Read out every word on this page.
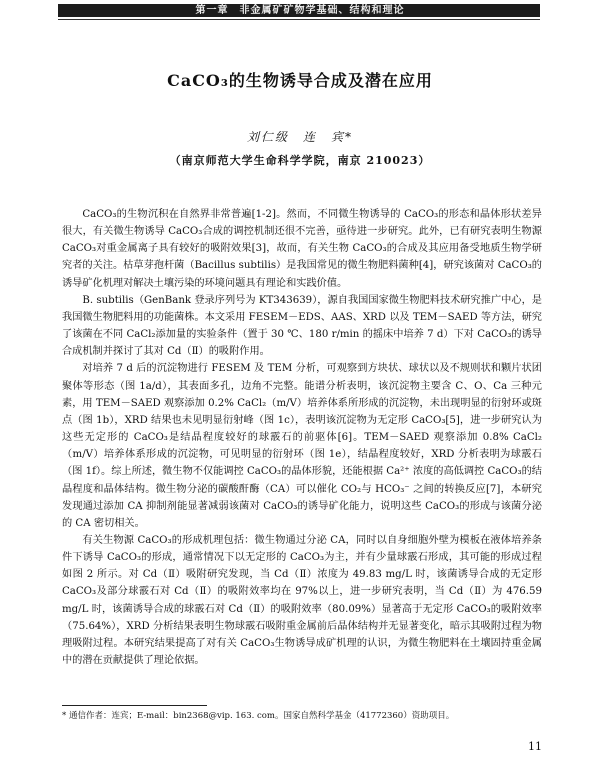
第一章　非金属矿矿物学基础、结构和理论
CaCO₃的生物诱导合成及潜在应用
刘仁级　连　宾*
（南京师范大学生命科学学院，南京 210023）

CaCO₃的生物沉积在自然界非常普遍[1-2]。然而，不同微生物诱导的 CaCO₃的形态和晶体形状差异很大，有关微生物诱导 CaCO₃合成的调控机制还很不完善，亟待进一步研究。此外，已有研究表明生物源 CaCO₃对重金属离子具有较好的吸附效果[3]，故而，有关生物 CaCO₃的合成及其应用备受地质生物学研究者的关注。枯草芽孢杆菌（Bacillus subtilis）是我国常见的微生物肥料菌种[4]，研究该菌对 CaCO₃的诱导矿化机理对解决土壤污染的环境问题具有理论和实践价值。

B. subtilis（GenBank 登录序列号为 KT343639），源自我国国家微生物肥料技术研究推广中心，是我国微生物肥料用的功能菌株。本文采用 FESEM－EDS、AAS、XRD 以及 TEM－SAED 等方法，研究了该菌在不同 CaCl₂添加量的实验条件（置于 30 ℃、180 r/min 的摇床中培养 7 d）下对 CaCO₃的诱导合成机制并探讨了其对 Cd（Ⅱ）的吸附作用。

对培养 7 d 后的沉淀物进行 FESEM 及 TEM 分析，可观察到方块状、球状以及不规则状和颗片状团聚体等形态（图 1a/d），其表面多孔，边角不完整。能谱分析表明，该沉淀物主要含 C、O、Ca 三种元素，用 TEM－SAED 观察添加 0.2% CaCl₂（m/V）培养体系所形成的沉淀物，未出现明显的衍射环或斑点（图 1b），XRD 结果也未见明显衍射峰（图 1c），表明该沉淀物为无定形 CaCO₃[5]，进一步研究认为这些无定形的 CaCO₃是结晶程度较好的球霰石的前驱体[6]。TEM－SAED 观察添加 0.8% CaCl₂（m/V）培养体系形成的沉淀物，可见明显的衍射环（图 1e），结晶程度较好，XRD 分析表明为球霰石（图 1f）。综上所述，微生物不仅能调控 CaCO₃的晶体形貌，还能根据 Ca²⁺ 浓度的高低调控 CaCO₃的结晶程度和晶体结构。微生物分泌的碳酸酐酶（CA）可以催化 CO₂与 HCO₃⁻ 之间的转换反应[7]，本研究发现通过添加 CA 抑制剂能显著减弱该菌对 CaCO₃的诱导矿化能力，说明这些 CaCO₃的形成与该菌分泌的 CA 密切相关。

有关生物源 CaCO₃的形成机理包括：微生物通过分泌 CA，同时以自身细胞外壁为模板在液体培养条件下诱导 CaCO₃的形成，通常情况下以无定形的 CaCO₃为主，并有少量球霰石形成，其可能的形成过程如图 2 所示。对 Cd（Ⅱ）吸附研究发现，当 Cd（Ⅱ）浓度为 49.83 mg/L 时，该菌诱导合成的无定形 CaCO₃及部分球霰石对 Cd（Ⅱ）的吸附效率均在 97%以上，进一步研究表明，当 Cd（Ⅱ）为 476.59 mg/L 时，该菌诱导合成的球霰石对 Cd（Ⅱ）的吸附效率（80.09%）显著高于无定形 CaCO₃的吸附效率（75.64%），XRD 分析结果表明生物球霰石吸附重金属前后晶体结构并无显著变化，暗示其吸附过程为物理吸附过程。本研究结果提高了对有关 CaCO₃生物诱导成矿机理的认识，为微生物肥料在土壤固持重金属中的潜在贡献提供了理论依据。

* 通信作者：连宾；E-mail：bin2368@vip. 163. com。国家自然科学基金（41772360）资助项目。
11
